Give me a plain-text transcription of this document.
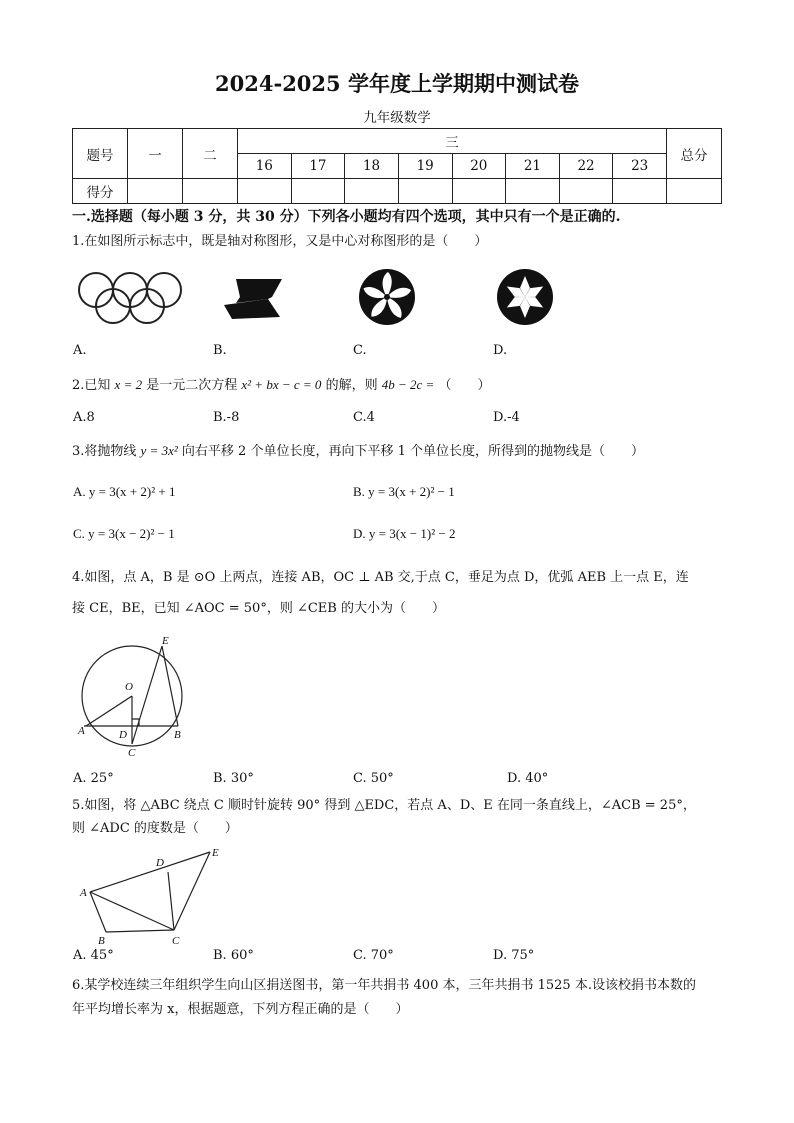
2024-2025 学年度上学期期中测试卷
九年级数学
题号	一	二	三								总分
			16	17	18	19	20	21	22	23	
得分											
一.选择题（每小题 3 分，共 30 分）下列各小题均有四个选项，其中只有一个是正确的.
1.在如图所示标志中，既是轴对称图形，又是中心对称图形的是（　　）
A.	B.	C.	D.
2.已知 x = 2 是一元二次方程 x² + bx − c = 0 的解，则 4b − 2c = （　　）
A.8	B.-8	C.4	D.-4
3.将抛物线 y = 3x² 向右平移 2 个单位长度，再向下平移 1 个单位长度，所得到的抛物线是（　　）
A. y = 3(x + 2)² + 1	B. y = 3(x + 2)² − 1
C. y = 3(x − 2)² − 1	D. y = 3(x − 1)² − 2
4.如图，点 A，B 是 ⊙O 上两点，连接 AB，OC ⊥ AB 交,于点 C，垂足为点 D，优弧 AEB 上一点 E，连
接 CE，BE，已知 ∠AOC = 50°，则 ∠CEB 的大小为（　　）
E
O
A	D	B
C
A. 25°	B. 30°	C. 50°	D. 40°
5.如图，将 △ABC 绕点 C 顺时针旋转 90° 得到 △EDC，若点 A、D、E 在同一条直线上，∠ACB = 25°，
则 ∠ADC 的度数是（　　）
D
E
A
B	C
A. 45°	B. 60°	C. 70°	D. 75°
6.某学校连续三年组织学生向山区捐送图书，第一年共捐书 400 本，三年共捐书 1525 本.设该校捐书本数的
年平均增长率为 x，根据题意，下列方程正确的是（　　）
